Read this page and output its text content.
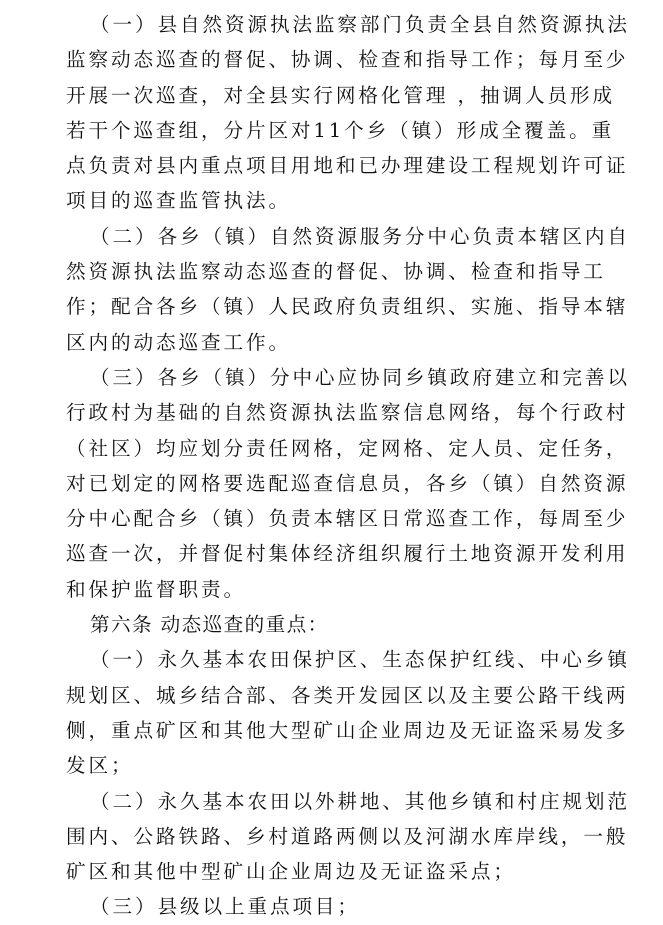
（一）县自然资源执法监察部门负责全县自然资源执法监察动态巡查的督促、协调、检查和指导工作；每月至少开展一次巡查，对全县实行网格化管理 ，抽调人员形成若干个巡查组，分片区对11个乡（镇）形成全覆盖。重点负责对县内重点项目用地和已办理建设工程规划许可证项目的巡查监管执法。

（二）各乡（镇）自然资源服务分中心负责本辖区内自然资源执法监察动态巡查的督促、协调、检查和指导工作；配合各乡（镇）人民政府负责组织、实施、指导本辖区内的动态巡查工作。

（三）各乡（镇）分中心应协同乡镇政府建立和完善以行政村为基础的自然资源执法监察信息网络，每个行政村（社区）均应划分责任网格，定网格、定人员、定任务，对已划定的网格要选配巡查信息员，各乡（镇）自然资源分中心配合乡（镇）负责本辖区日常巡查工作，每周至少巡查一次，并督促村集体经济组织履行土地资源开发利用和保护监督职责。

第六条 动态巡查的重点：

（一）永久基本农田保护区、生态保护红线、中心乡镇规划区、城乡结合部、各类开发园区以及主要公路干线两侧，重点矿区和其他大型矿山企业周边及无证盗采易发多发区；

（二）永久基本农田以外耕地、其他乡镇和村庄规划范围内、公路铁路、乡村道路两侧以及河湖水库岸线，一般矿区和其他中型矿山企业周边及无证盗采点；

（三）县级以上重点项目；
